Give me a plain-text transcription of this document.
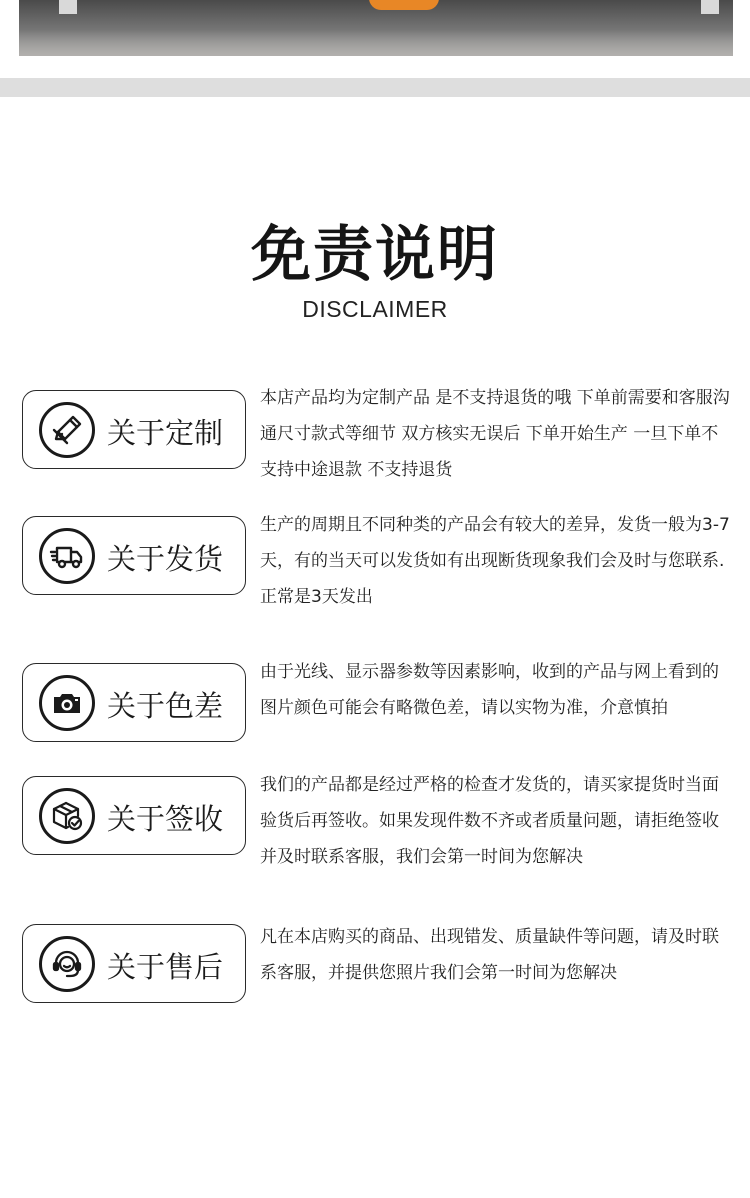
免责说明
DISCLAIMER
关于定制
本店产品均为定制产品 是不支持退货的哦 下单前需要和客服沟通尺寸款式等细节 双方核实无误后 下单开始生产 一旦下单不支持中途退款 不支持退货
关于发货
生产的周期且不同种类的产品会有较大的差异，发货一般为3-7天，有的当天可以发货如有出现断货现象我们会及时与您联系.正常是3天发出
关于色差
由于光线、显示器参数等因素影响，收到的产品与网上看到的图片颜色可能会有略微色差，请以实物为准，介意慎拍
关于签收
我们的产品都是经过严格的检查才发货的，请买家提货时当面验货后再签收。如果发现件数不齐或者质量问题，请拒绝签收并及时联系客服，我们会第一时间为您解决
关于售后
凡在本店购买的商品、出现错发、质量缺件等问题，请及时联系客服，并提供您照片我们会第一时间为您解决
